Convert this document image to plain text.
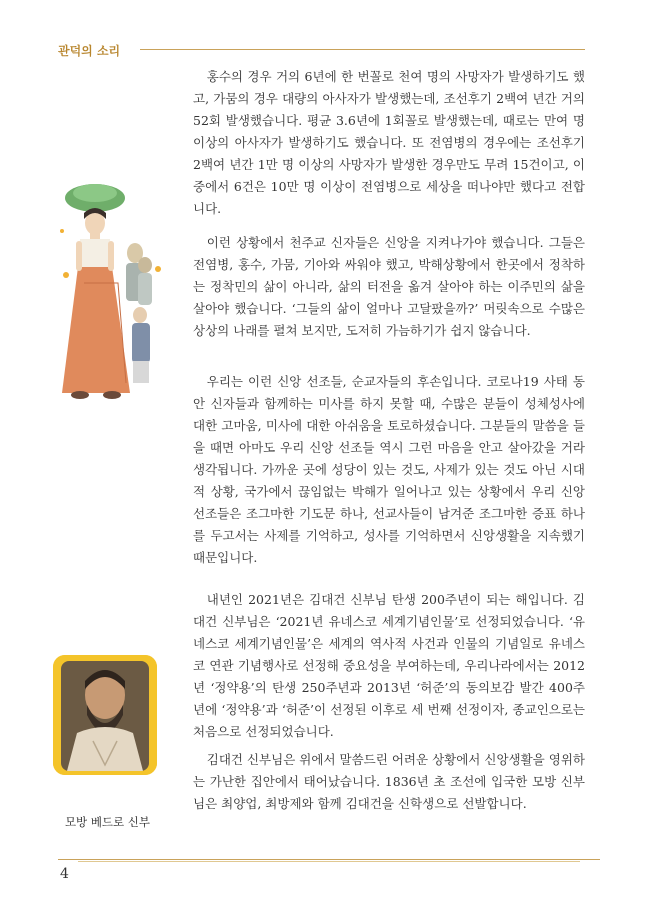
관덕의 소리

홍수의 경우 거의 6년에 한 번꼴로 천여 명의 사망자가 발생하기도 했고, 가뭄의 경우 대량의 아사자가 발생했는데, 조선후기 2백여 년간 거의 52회 발생했습니다. 평균 3.6년에 1회꼴로 발생했는데, 때로는 만여 명 이상의 아사자가 발생하기도 했습니다. 또 전염병의 경우에는 조선후기 2백여 년간 1만 명 이상의 사망자가 발생한 경우만도 무려 15건이고, 이 중에서 6건은 10만 명 이상이 전염병으로 세상을 떠나야만 했다고 전합니다.

이런 상황에서 천주교 신자들은 신앙을 지켜나가야 했습니다. 그들은 전염병, 홍수, 가뭄, 기아와 싸워야 했고, 박해상황에서 한곳에서 정착하는 정착민의 삶이 아니라, 삶의 터전을 옮겨 살아야 하는 이주민의 삶을 살아야 했습니다. ‘그들의 삶이 얼마나 고달팠을까?’ 머릿속으로 수많은 상상의 나래를 펼쳐 보지만, 도저히 가늠하기가 쉽지 않습니다.

우리는 이런 신앙 선조들, 순교자들의 후손입니다. 코로나19 사태 동안 신자들과 함께하는 미사를 하지 못할 때, 수많은 분들이 성체성사에 대한 고마움, 미사에 대한 아쉬움을 토로하셨습니다. 그분들의 말씀을 들을 때면 아마도 우리 신앙 선조들 역시 그런 마음을 안고 살아갔을 거라 생각됩니다. 가까운 곳에 성당이 있는 것도, 사제가 있는 것도 아닌 시대적 상황, 국가에서 끊임없는 박해가 일어나고 있는 상황에서 우리 신앙 선조들은 조그마한 기도문 하나, 선교사들이 남겨준 조그마한 증표 하나를 두고서는 사제를 기억하고, 성사를 기억하면서 신앙생활을 지속했기 때문입니다.

내년인 2021년은 김대건 신부님 탄생 200주년이 되는 해입니다. 김대건 신부님은 ‘2021년 유네스코 세계기념인물’로 선정되었습니다. ‘유네스코 세계기념인물’은 세계의 역사적 사건과 인물의 기념일로 유네스코 연관 기념행사로 선정해 중요성을 부여하는데, 우리나라에서는 2012년 ‘정약용’의 탄생 250주년과 2013년 ‘허준’의 동의보감 발간 400주년에 ‘정약용’과 ‘허준’이 선정된 이후로 세 번째 선정이자, 종교인으로는 처음으로 선정되었습니다.

모방 베드로 신부

김대건 신부님은 위에서 말씀드린 어려운 상황에서 신앙생활을 영위하는 가난한 집안에서 태어났습니다. 1836년 초 조선에 입국한 모방 신부님은 최양업, 최방제와 함께 김대건을 신학생으로 선발합니다.

4
